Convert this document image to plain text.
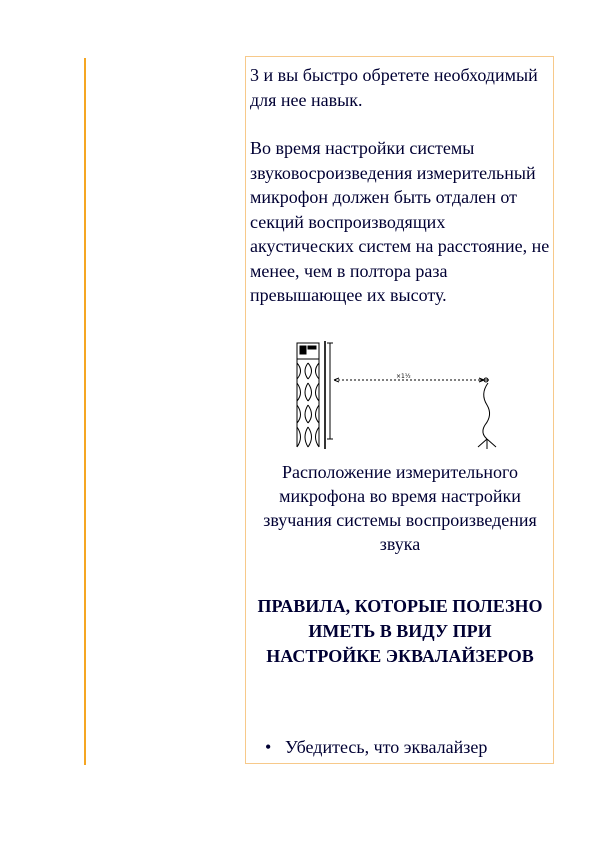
3 и вы быстро обретете необходимый для нее навык.

Во время настройки системы звуковосроизведения измерительный микрофон должен быть отдален от секций воспроизводящих акустических систем на расстояние, не менее, чем в полтора раза превышающее их высоту.

×1½

Расположение измерительного микрофона во время настройки звучания системы воспроизведения звука

ПРАВИЛА, КОТОРЫЕ ПОЛЕЗНО ИМЕТЬ В ВИДУ ПРИ НАСТРОЙКЕ ЭКВАЛАЙЗЕРОВ
• Убедитесь, что эквалайзер
